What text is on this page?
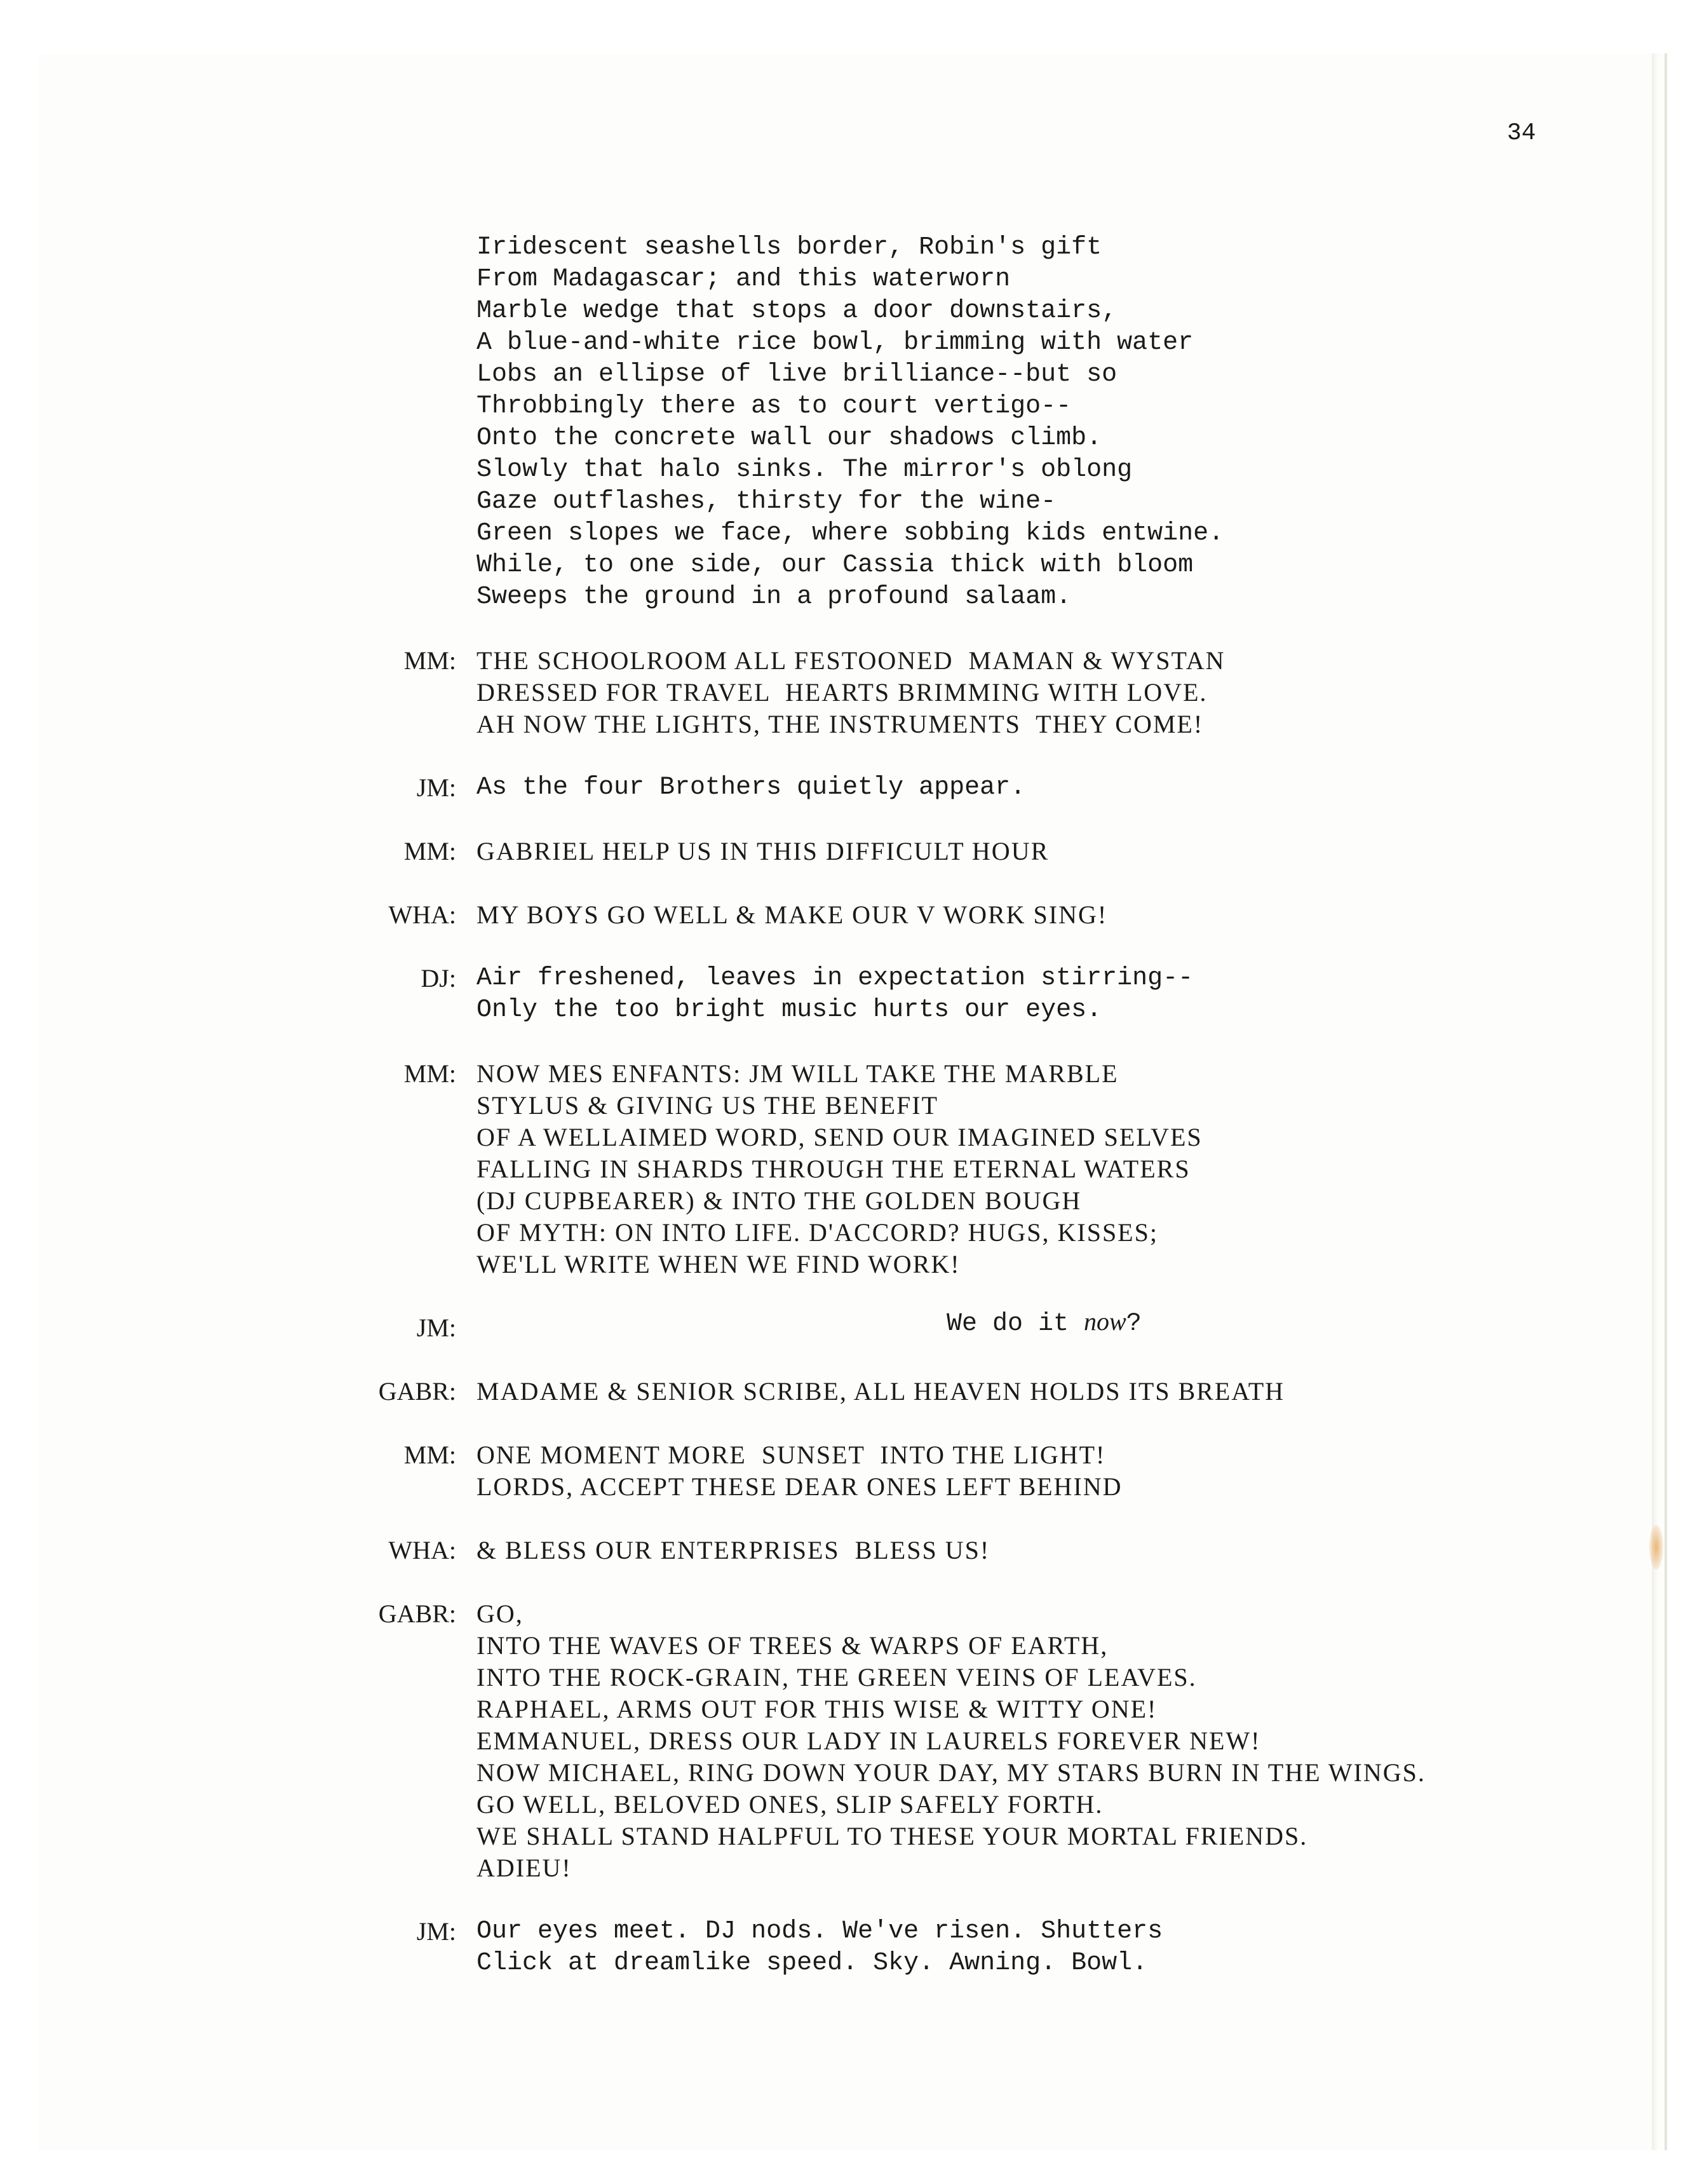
34
Iridescent seashells border, Robin's gift
From Madagascar; and this waterworn
Marble wedge that stops a door downstairs,
A blue-and-white rice bowl, brimming with water
Lobs an ellipse of live brilliance--but so
Throbbingly there as to court vertigo--
Onto the concrete wall our shadows climb.
Slowly that halo sinks. The mirror's oblong
Gaze outflashes, thirsty for the wine-
Green slopes we face, where sobbing kids entwine.
While, to one side, our Cassia thick with bloom
Sweeps the ground in a profound salaam.
MM: THE SCHOOLROOM ALL FESTOONED  MAMAN & WYSTAN
DRESSED FOR TRAVEL  HEARTS BRIMMING WITH LOVE.
AH NOW THE LIGHTS, THE INSTRUMENTS  THEY COME!
JM: As the four Brothers quietly appear.
MM: GABRIEL HELP US IN THIS DIFFICULT HOUR
WHA: MY BOYS GO WELL & MAKE OUR V WORK SING!
DJ: Air freshened, leaves in expectation stirring--
Only the too bright music hurts our eyes.
MM: NOW MES ENFANTS: JM WILL TAKE THE MARBLE
STYLUS & GIVING US THE BENEFIT
OF A WELLAIMED WORD, SEND OUR IMAGINED SELVES
FALLING IN SHARDS THROUGH THE ETERNAL WATERS
(DJ CUPBEARER) & INTO THE GOLDEN BOUGH
OF MYTH: ON INTO LIFE. D'ACCORD? HUGS, KISSES;
WE'LL WRITE WHEN WE FIND WORK!
JM:	We do it now?
GABR: MADAME & SENIOR SCRIBE, ALL HEAVEN HOLDS ITS BREATH
MM: ONE MOMENT MORE  SUNSET  INTO THE LIGHT!
LORDS, ACCEPT THESE DEAR ONES LEFT BEHIND
WHA: & BLESS OUR ENTERPRISES  BLESS US!
GABR: GO,
INTO THE WAVES OF TREES & WARPS OF EARTH,
INTO THE ROCK-GRAIN, THE GREEN VEINS OF LEAVES.
RAPHAEL, ARMS OUT FOR THIS WISE & WITTY ONE!
EMMANUEL, DRESS OUR LADY IN LAURELS FOREVER NEW!
NOW MICHAEL, RING DOWN YOUR DAY, MY STARS BURN IN THE WINGS.
GO WELL, BELOVED ONES, SLIP SAFELY FORTH.
WE SHALL STAND HALPFUL TO THESE YOUR MORTAL FRIENDS.
ADIEU!
JM: Our eyes meet. DJ nods. We've risen. Shutters
Click at dreamlike speed. Sky. Awning. Bowl.
